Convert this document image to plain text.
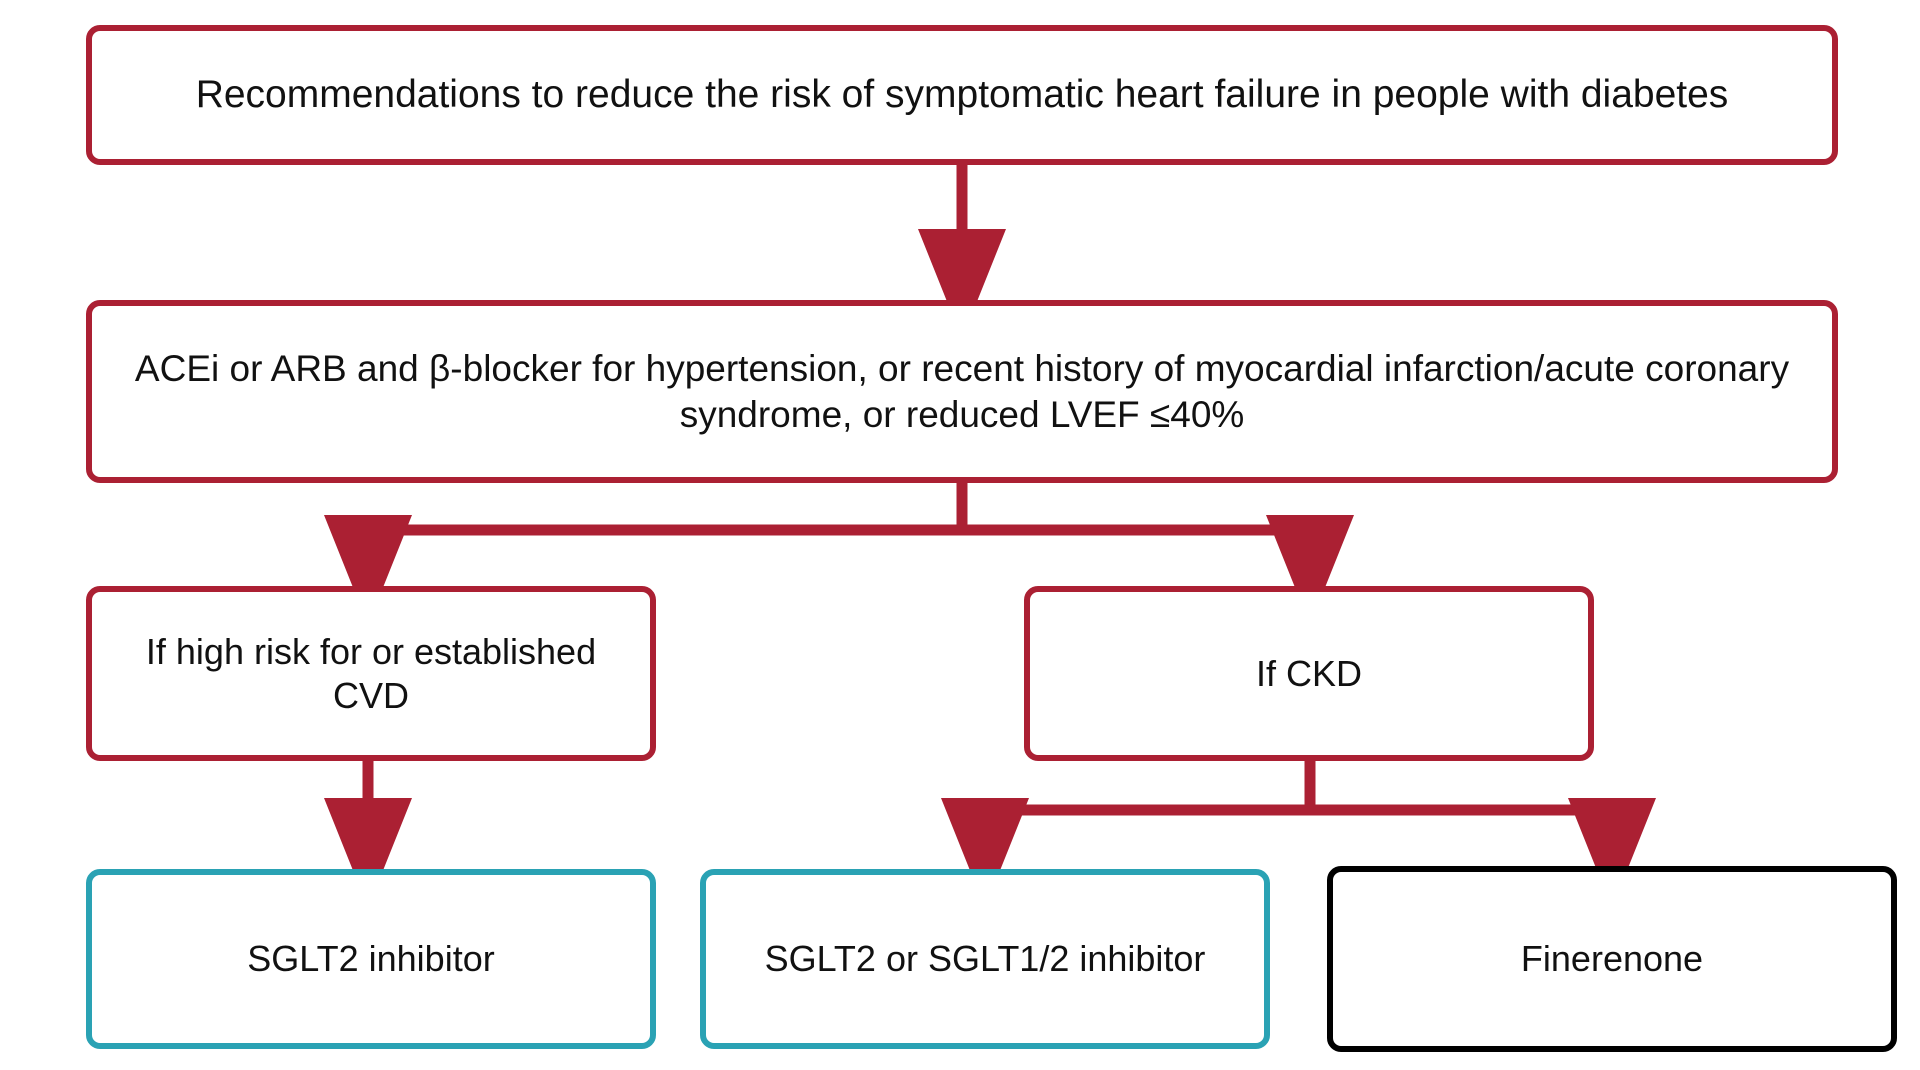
Recommendations to reduce the risk of symptomatic heart failure in people with diabetes
ACEi or ARB and β-blocker for hypertension, or recent history of myocardial infarction/acute coronary syndrome, or reduced LVEF ≤40%
If high risk for or established CVD
If CKD
SGLT2 inhibitor	SGLT2 or SGLT1/2 inhibitor	Finerenone
